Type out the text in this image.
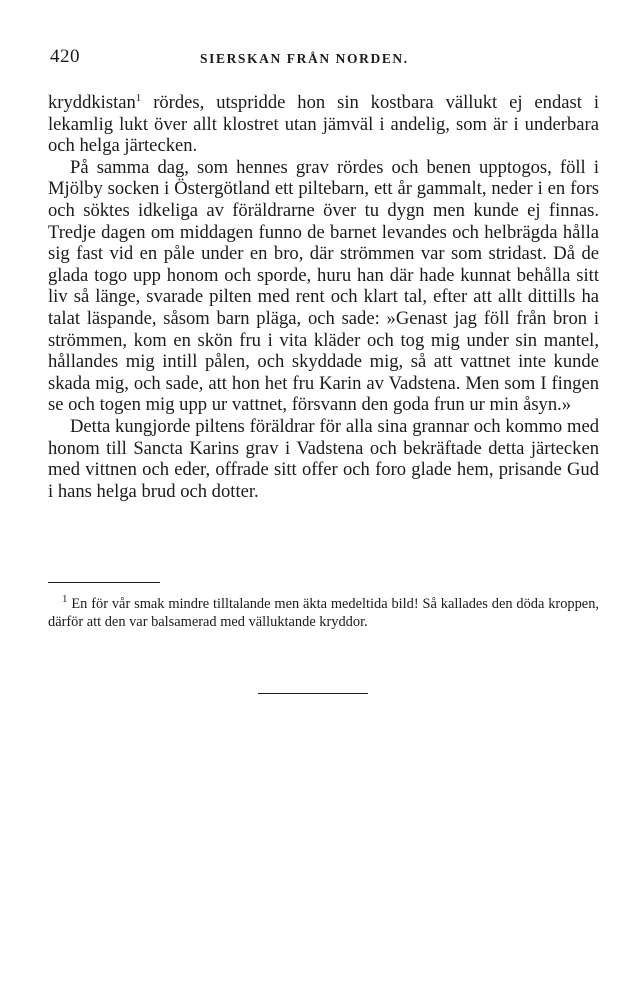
420	SIERSKAN FRÅN NORDEN.

kryddkistan$^1$ rördes, utspridde hon sin kostbara vällukt ej endast i lekamlig lukt över allt klostret utan jämväl i andelig, som är i underbara och helga järtecken.

På samma dag, som hennes grav rördes och benen upptogos, föll i Mjölby socken i Östergötland ett piltebarn, ett år gammalt, neder i en fors och söktes idkeliga av föräldrarne över tu dygn men kunde ej finnas. Tredje dagen om middagen funno de barnet levandes och helbrägda hålla sig fast vid en påle under en bro, där strömmen var som stridast. Då de glada togo upp honom och sporde, huru han där hade kunnat behålla sitt liv så länge, svarade pilten med rent och klart tal, efter att allt dittills ha talat läspande, såsom barn pläga, och sade: »Genast jag föll från bron i strömmen, kom en skön fru i vita kläder och tog mig under sin mantel, hållandes mig intill pålen, och skyddade mig, så att vattnet inte kunde skada mig, och sade, att hon het fru Karin av Vadstena. Men som I fingen se och togen mig upp ur vattnet, försvann den goda frun ur min åsyn.»

Detta kungjorde piltens föräldrar för alla sina grannar och kommo med honom till Sancta Karins grav i Vadstena och bekräftade detta järtecken med vittnen och eder, offrade sitt offer och foro glade hem, prisande Gud i hans helga brud och dotter.

$^1$ En för vår smak mindre tilltalande men äkta medeltida bild! Så kallades den döda kroppen, därför att den var balsamerad med välluktande kryddor.
